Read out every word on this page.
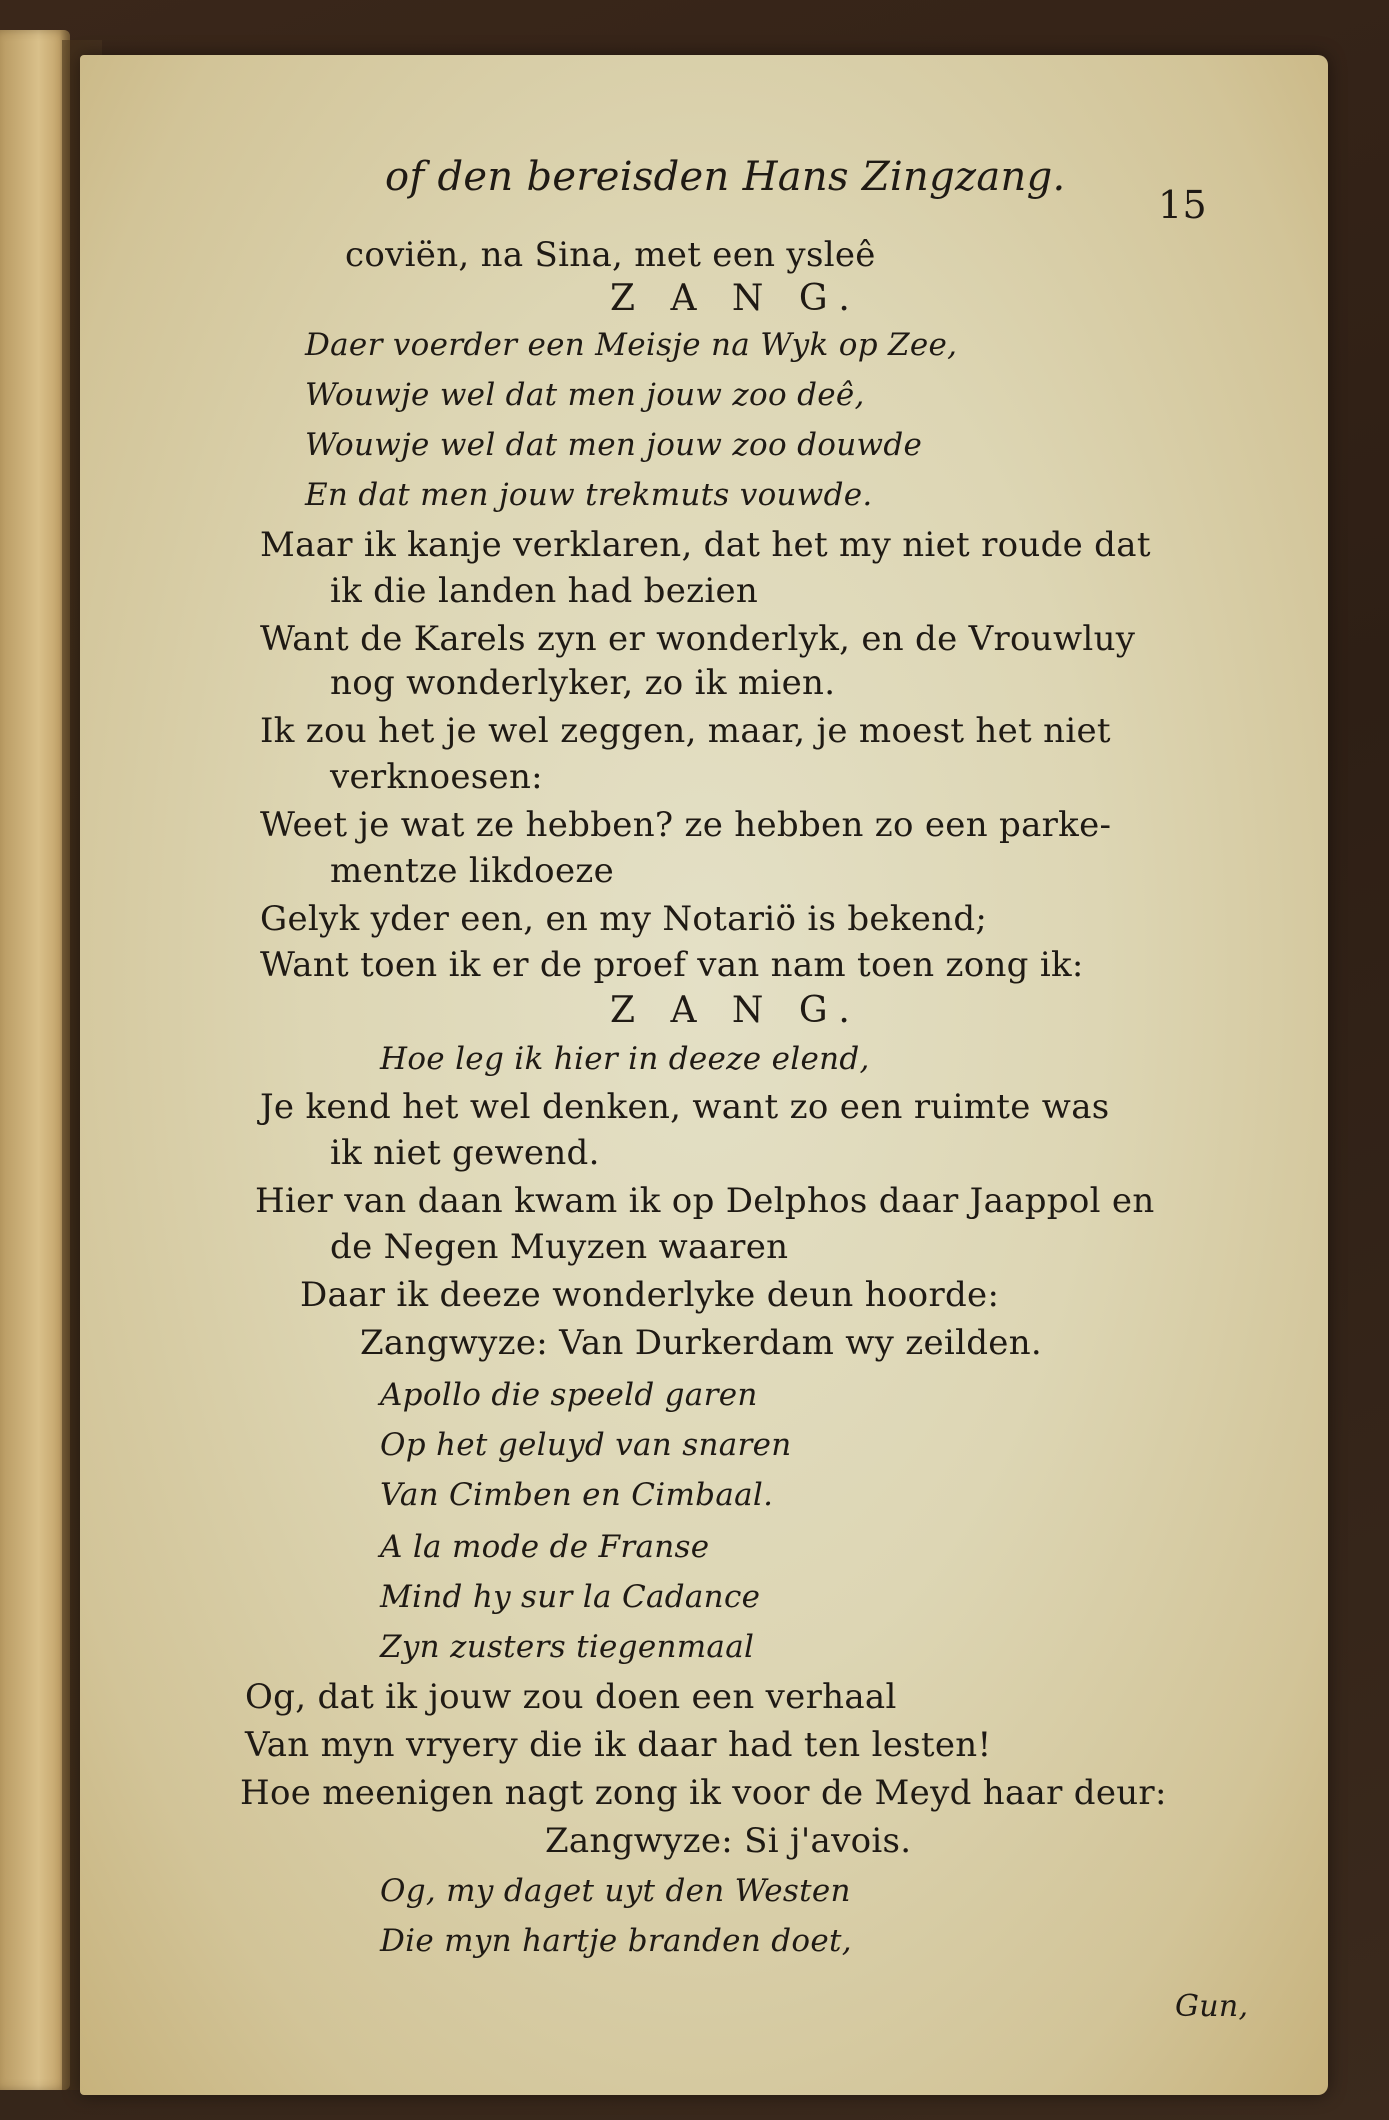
of den bereisden Hans Zingzang.
15
coviën, na Sina, met een ysleê
Z A N G.
Daer voerder een Meisje na Wyk op Zee,
Wouwje wel dat men jouw zoo deê,
Wouwje wel dat men jouw zoo douwde
En dat men jouw trekmuts vouwde.
Maar ik kanje verklaren, dat het my niet roude dat
ik die landen had bezien
Want de Karels zyn er wonderlyk, en de Vrouwluy
nog wonderlyker, zo ik mien.
Ik zou het je wel zeggen, maar, je moest het niet
verknoesen:
Weet je wat ze hebben? ze hebben zo een parke-
mentze likdoeze
Gelyk yder een, en my Notariö is bekend;
Want toen ik er de proef van nam toen zong ik:
Z A N G.
Hoe leg ik hier in deeze elend,
Je kend het wel denken, want zo een ruimte was
ik niet gewend.
Hier van daan kwam ik op Delphos daar Jaappol en
de Negen Muyzen waaren
Daar ik deeze wonderlyke deun hoorde:
Zangwyze: Van Durkerdam wy zeilden.
Apollo die speeld garen
Op het geluyd van snaren
Van Cimben en Cimbaal.
A la mode de Franse
Mind hy sur la Cadance
Zyn zusters tiegenmaal
Og, dat ik jouw zou doen een verhaal
Van myn vryery die ik daar had ten lesten!
Hoe meenigen nagt zong ik voor de Meyd haar deur:
Zangwyze: Si j'avois.
Og, my daget uyt den Westen
Die myn hartje branden doet,
Gun,
